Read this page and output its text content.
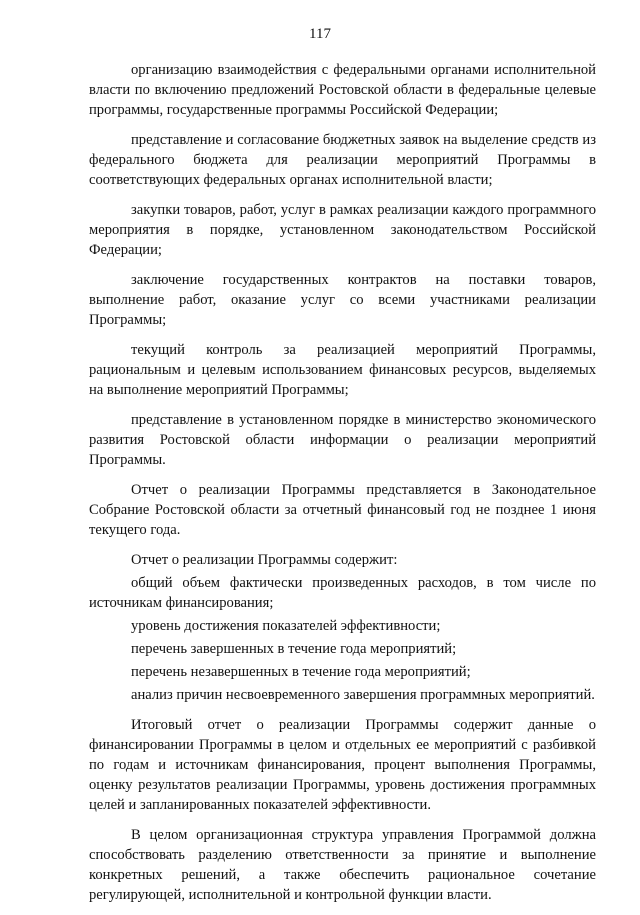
117

организацию взаимодействия с федеральными органами исполнительной власти по включению предложений Ростовской области в федеральные целевые программы, государственные программы Российской Федерации;

представление и согласование бюджетных заявок на выделение средств из федерального бюджета для реализации мероприятий Программы в соответствующих федеральных органах исполнительной власти;

закупки товаров, работ, услуг в рамках реализации каждого программного мероприятия в порядке, установленном законодательством Российской Федерации;

заключение государственных контрактов на поставки товаров, выполнение работ, оказание услуг со всеми участниками реализации Программы;

текущий контроль за реализацией мероприятий Программы, рациональным и целевым использованием финансовых ресурсов, выделяемых на выполнение мероприятий Программы;

представление в установленном порядке в министерство экономического развития Ростовской области информации о реализации мероприятий Программы.

Отчет о реализации Программы представляется в Законодательное Собрание Ростовской области за отчетный финансовый год не позднее 1 июня текущего года.

Отчет о реализации Программы содержит:

общий объем фактически произведенных расходов, в том числе по источникам финансирования;

уровень достижения показателей эффективности;

перечень завершенных в течение года мероприятий;

перечень незавершенных в течение года мероприятий;

анализ причин несвоевременного завершения программных мероприятий.

Итоговый отчет о реализации Программы содержит данные о финансировании Программы в целом и отдельных ее мероприятий с разбивкой по годам и источникам финансирования, процент выполнения Программы, оценку результатов реализации Программы, уровень достижения программных целей и запланированных показателей эффективности.

В целом организационная структура управления Программой должна способствовать разделению ответственности за принятие и выполнение конкретных решений, а также обеспечить рациональное сочетание регулирующей, исполнительной и контрольной функции власти.
